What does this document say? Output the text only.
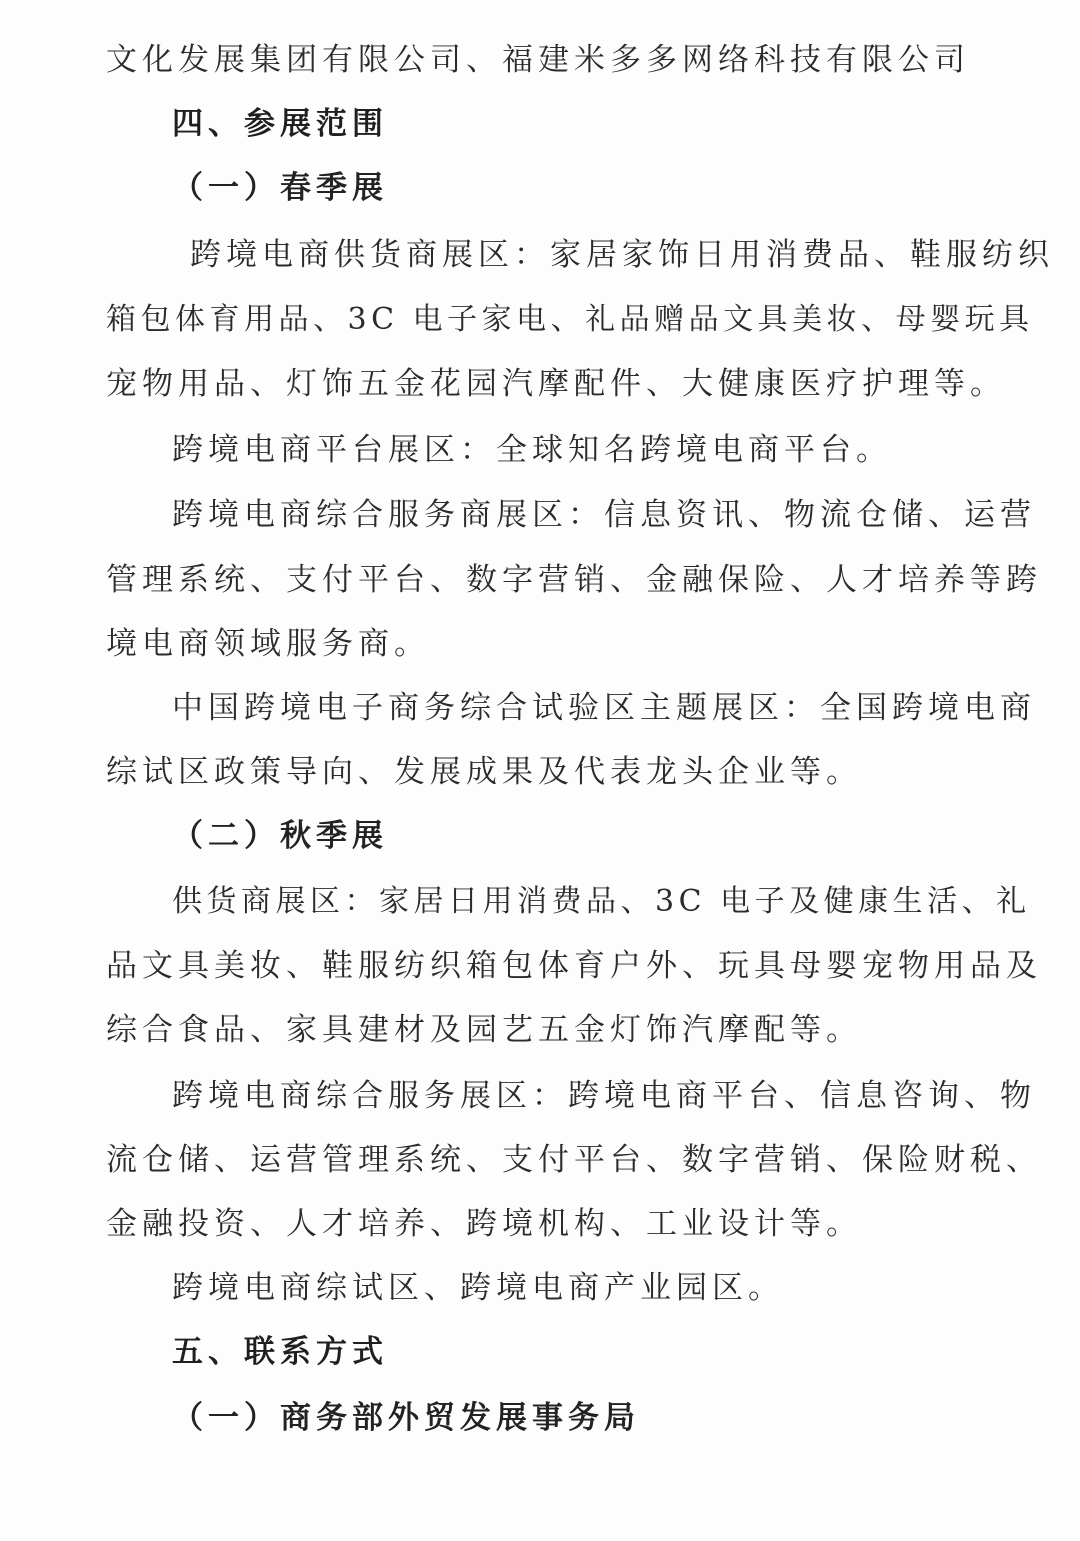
文化发展集团有限公司、福建米多多网络科技有限公司
四、参展范围
（一）春季展
跨境电商供货商展区：家居家饰日用消费品、鞋服纺织
箱包体育用品、3C 电子家电、礼品赠品文具美妆、母婴玩具
宠物用品、灯饰五金花园汽摩配件、大健康医疗护理等。
跨境电商平台展区：全球知名跨境电商平台。
跨境电商综合服务商展区：信息资讯、物流仓储、运营
管理系统、支付平台、数字营销、金融保险、人才培养等跨
境电商领域服务商。
中国跨境电子商务综合试验区主题展区：全国跨境电商
综试区政策导向、发展成果及代表龙头企业等。
（二）秋季展
供货商展区：家居日用消费品、3C 电子及健康生活、礼
品文具美妆、鞋服纺织箱包体育户外、玩具母婴宠物用品及
综合食品、家具建材及园艺五金灯饰汽摩配等。
跨境电商综合服务展区：跨境电商平台、信息咨询、物
流仓储、运营管理系统、支付平台、数字营销、保险财税、
金融投资、人才培养、跨境机构、工业设计等。
跨境电商综试区、跨境电商产业园区。
五、联系方式
（一）商务部外贸发展事务局
